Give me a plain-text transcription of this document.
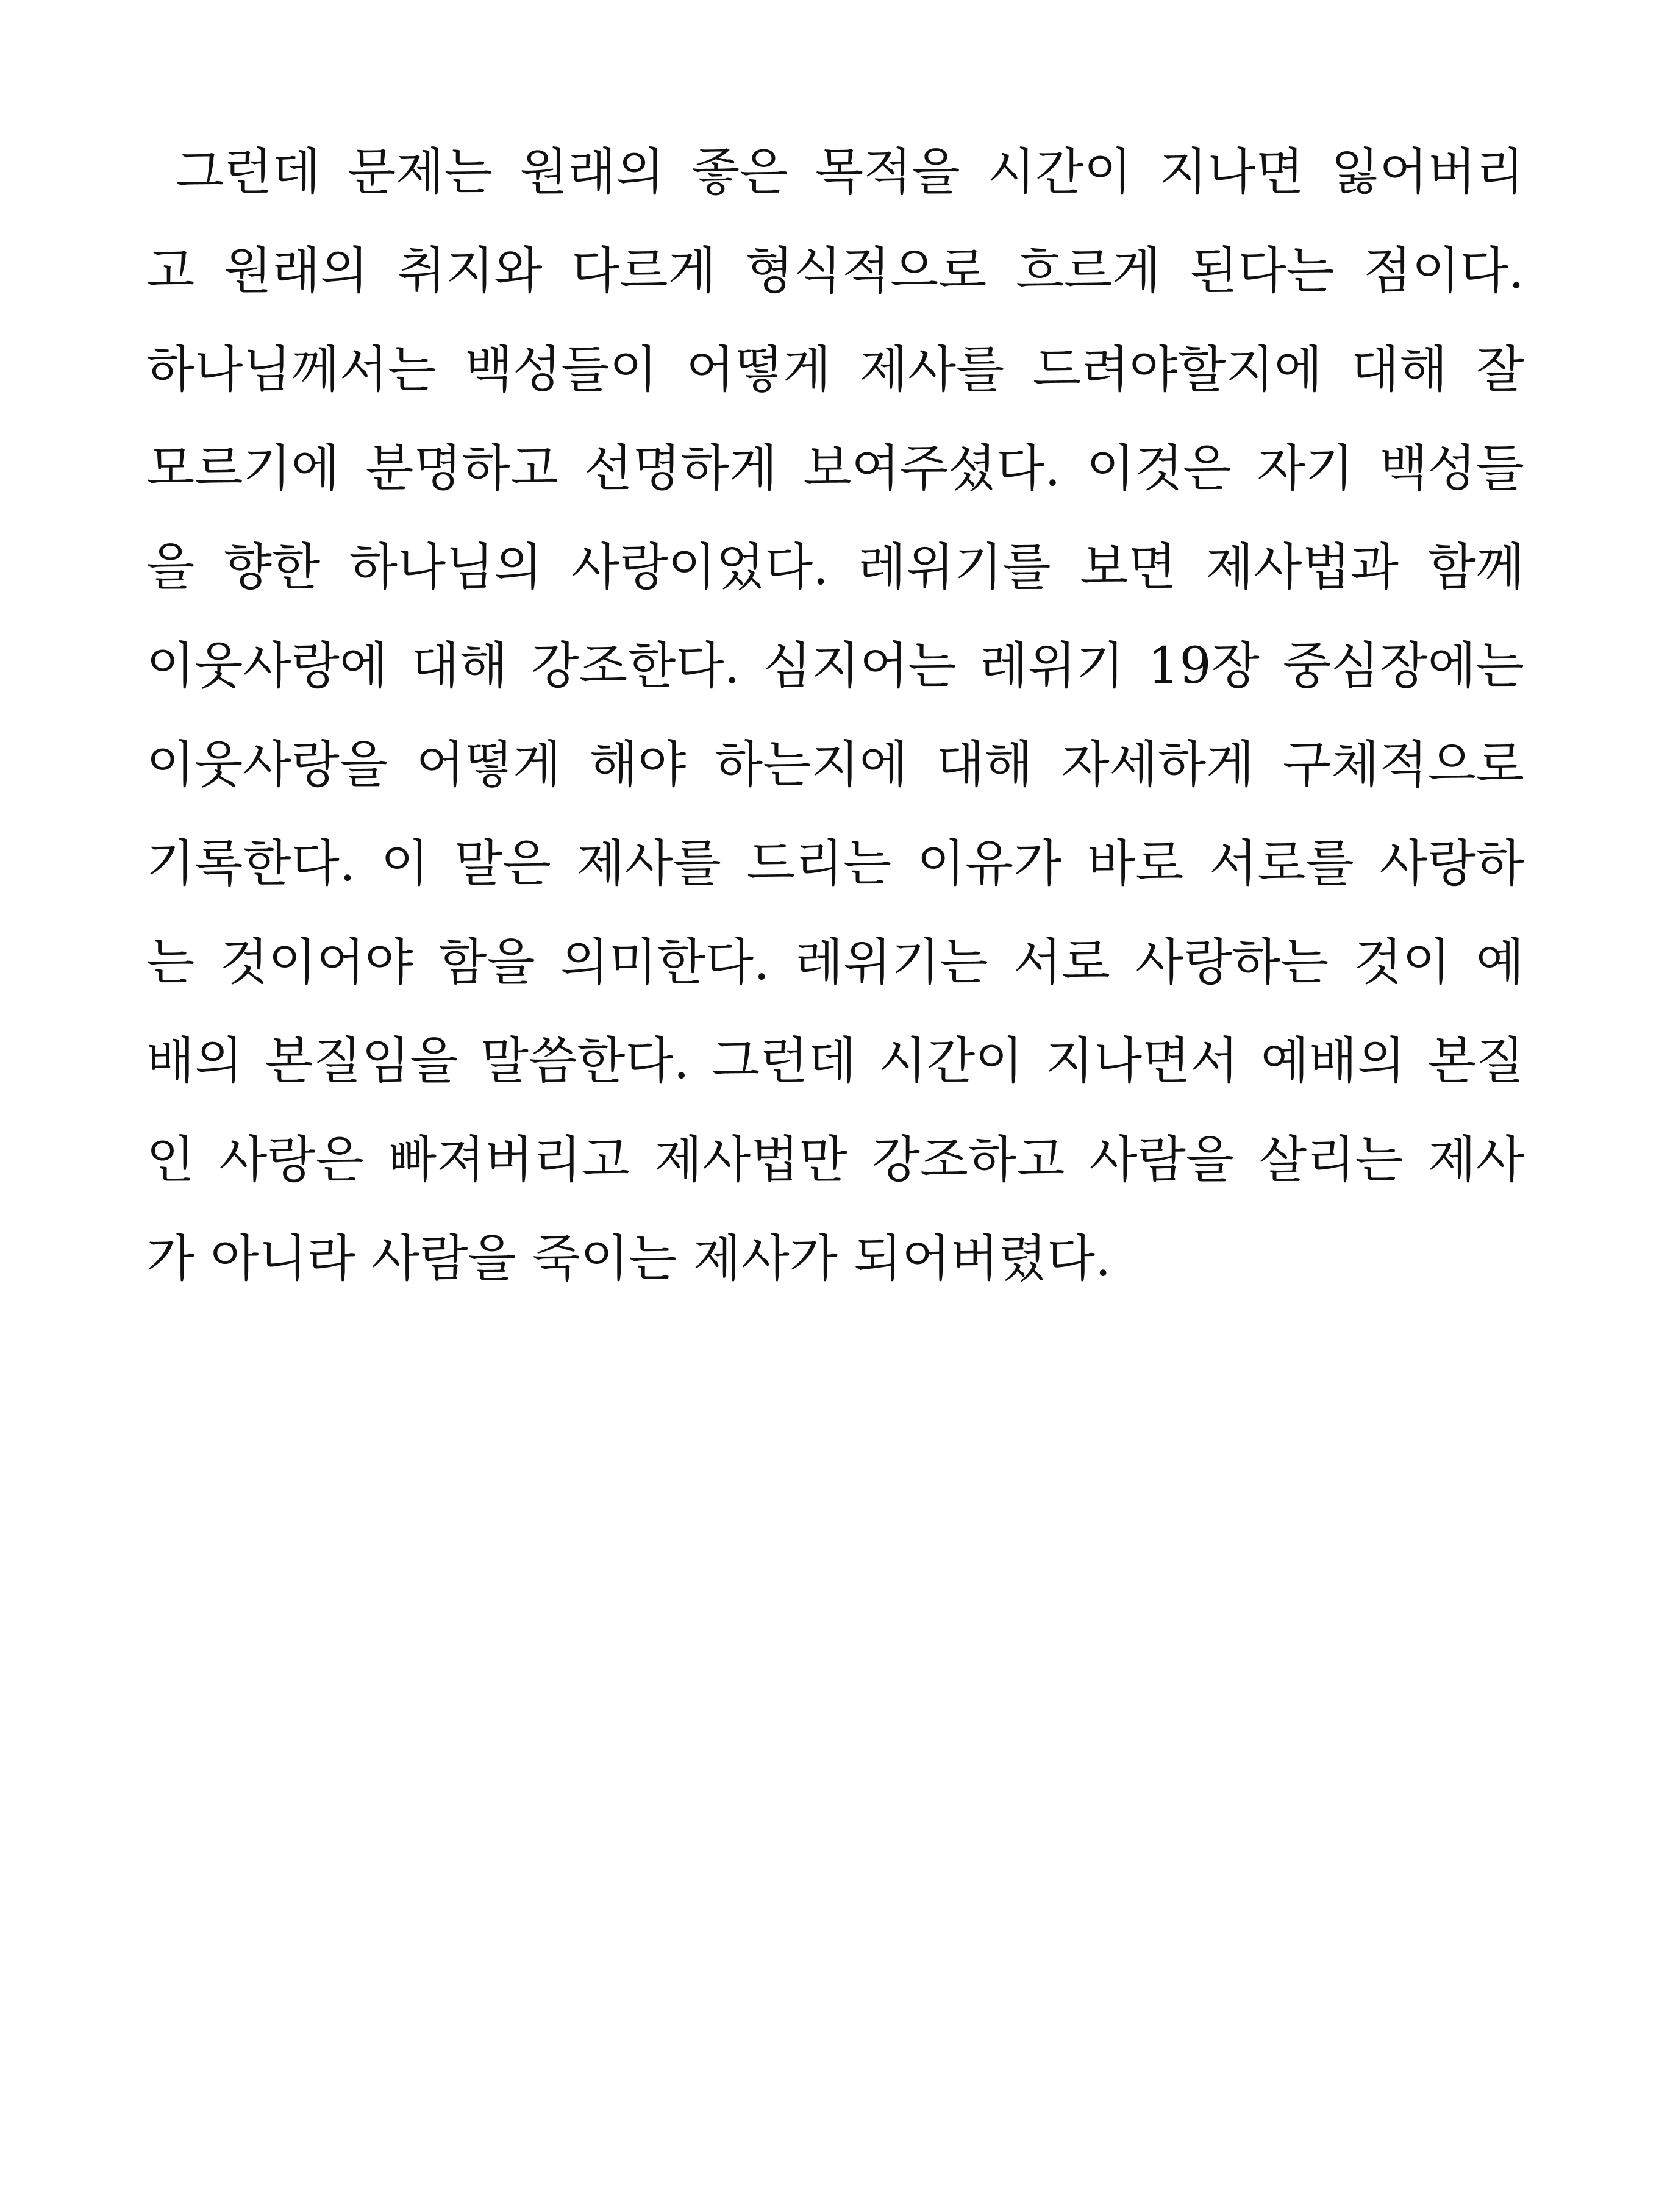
그런데 문제는 원래의 좋은 목적을 시간이 지나면 잃어버리
고 원래의 취지와 다르게 형식적으로 흐르게 된다는 점이다.
하나님께서는 백성들이 어떻게 제사를 드려야할지에 대해 잘
모르기에 분명하고 선명하게 보여주셨다. 이것은 자기 백성들
을 향한 하나님의 사랑이었다. 레위기를 보면 제사법과 함께
이웃사랑에 대해 강조한다. 심지어는 레위기 19장 중심장에는
이웃사랑을 어떻게 해야 하는지에 대해 자세하게 구체적으로
기록한다. 이 말은 제사를 드리는 이유가 바로 서로를 사랑하
는 것이어야 함을 의미한다. 레위기는 서로 사랑하는 것이 예
배의 본질임을 말씀한다. 그런데 시간이 지나면서 예배의 본질
인 사랑은 빠져버리고 제사법만 강조하고 사람을 살리는 제사
가 아니라 사람을 죽이는 제사가 되어버렸다.
